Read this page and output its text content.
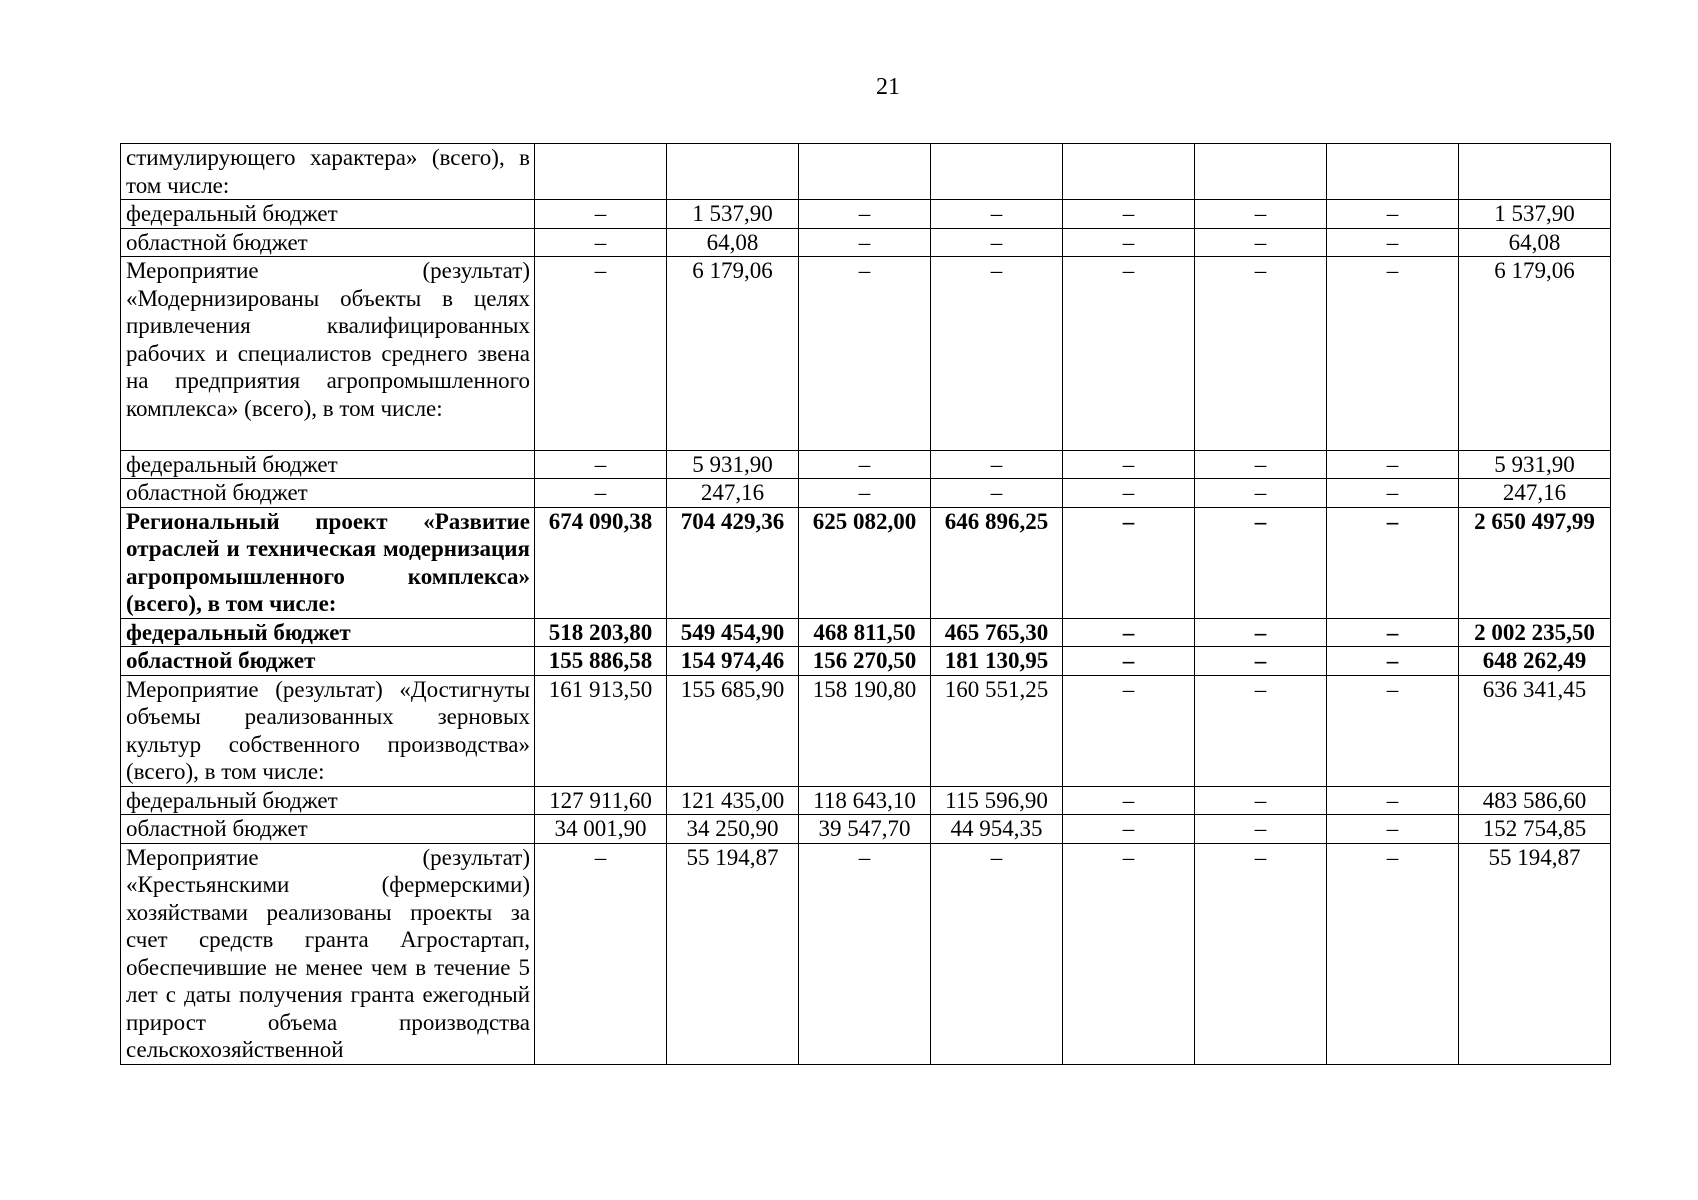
21
стимулирующего характера» (всего), в том числе:								
федеральный бюджет	–	1 537,90	–	–	–	–	–	1 537,90
областной бюджет	–	64,08	–	–	–	–	–	64,08
Мероприятие (результат) «Модернизированы объекты в целях привлечения квалифицированных рабочих и специалистов среднего звена на предприятия агропромышленного комплекса» (всего), в том числе:	–	6 179,06	–	–	–	–	–	6 179,06
федеральный бюджет	–	5 931,90	–	–	–	–	–	5 931,90
областной бюджет	–	247,16	–	–	–	–	–	247,16
Региональный проект «Развитие отраслей и техническая модернизация агропромышленного комплекса» (всего), в том числе:	674 090,38	704 429,36	625 082,00	646 896,25	–	–	–	2 650 497,99
федеральный бюджет	518 203,80	549 454,90	468 811,50	465 765,30	–	–	–	2 002 235,50
областной бюджет	155 886,58	154 974,46	156 270,50	181 130,95	–	–	–	648 262,49
Мероприятие (результат) «Достигнуты объемы реализованных зерновых культур собственного производства» (всего), в том числе:	161 913,50	155 685,90	158 190,80	160 551,25	–	–	–	636 341,45
федеральный бюджет	127 911,60	121 435,00	118 643,10	115 596,90	–	–	–	483 586,60
областной бюджет	34 001,90	34 250,90	39 547,70	44 954,35	–	–	–	152 754,85
Мероприятие (результат) «Крестьянскими (фермерскими) хозяйствами реализованы проекты за счет средств гранта Агростартап, обеспечившие не менее чем в течение 5 лет с даты получения гранта ежегодный прирост объема производства сельскохозяйственной	–	55 194,87	–	–	–	–	–	55 194,87
